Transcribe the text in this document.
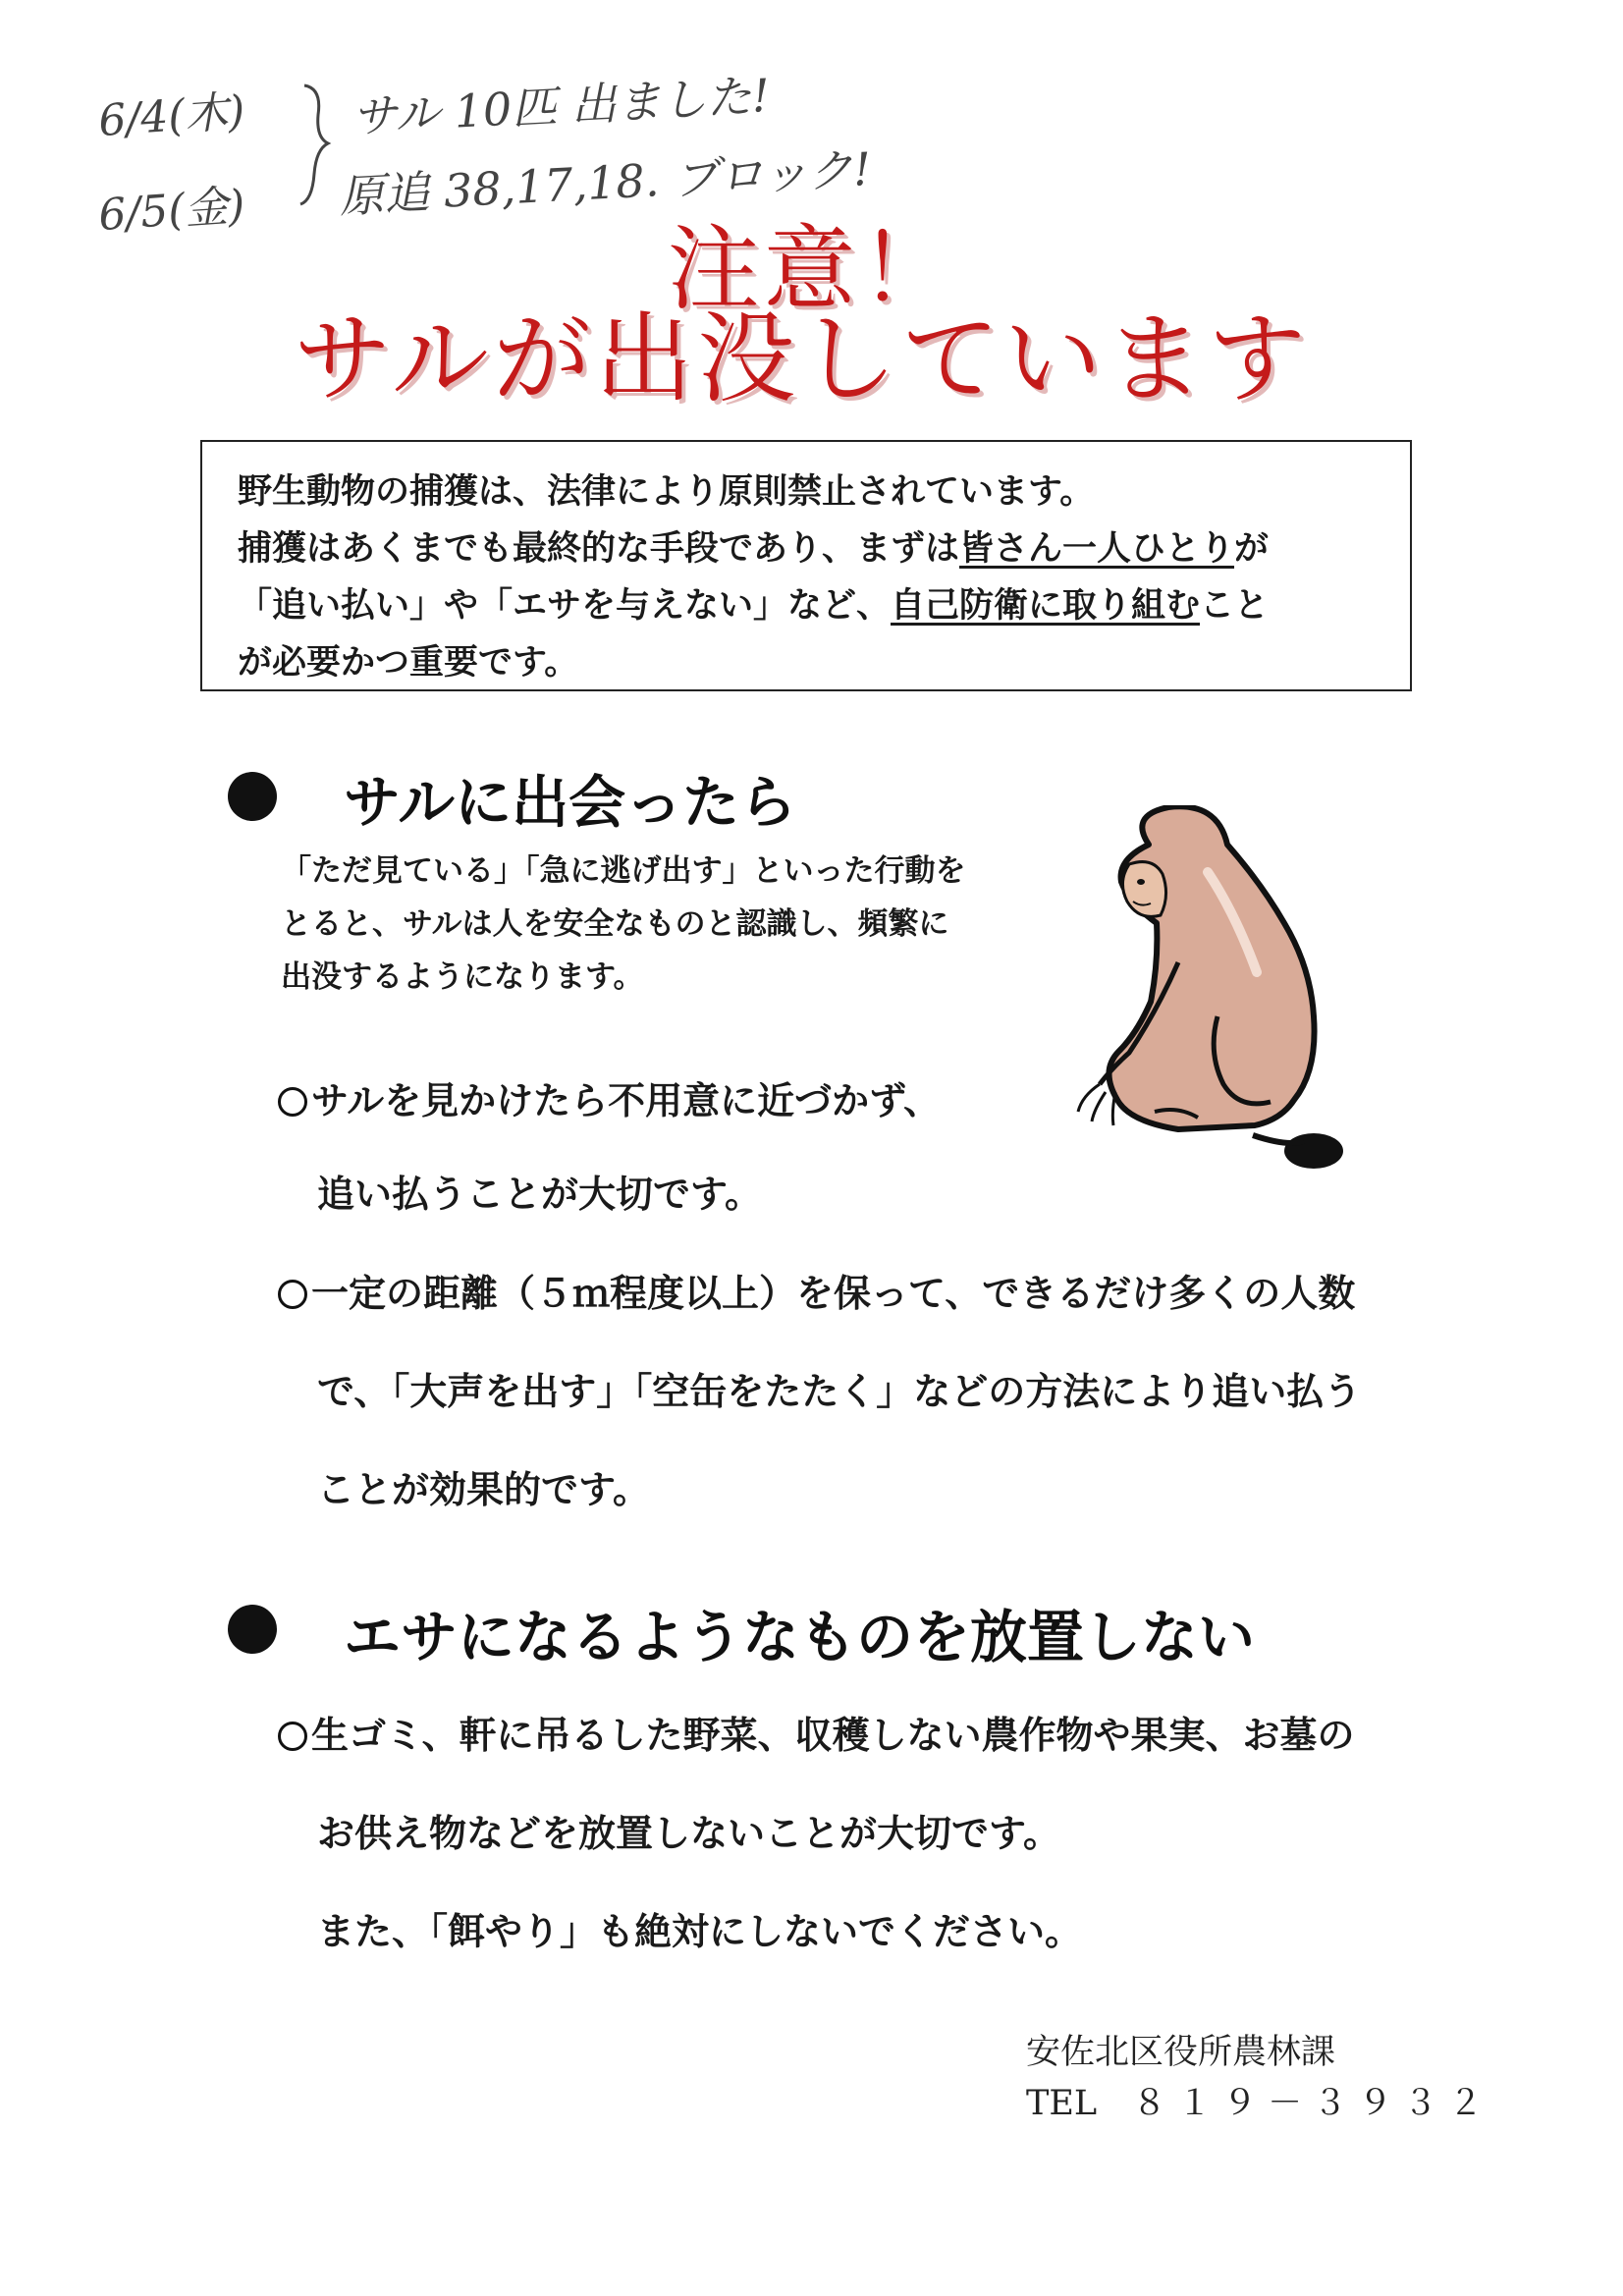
6/4(木)
6/5(金)
サル 10匹 出ました!
原追 38,17,18. ブロック!
注意！
サルが出没しています

野生動物の捕獲は、法律により原則禁止されています。

捕獲はあくまでも最終的な手段であり、まずは皆さん一人ひとりが

「追い払い」や「エサを与えない」など、自己防衛に取り組むこと

が必要かつ重要です。

サルに出会ったら

「ただ見ている」「急に逃げ出す」といった行動を

とると、サルは人を安全なものと認識し、頻繁に

出没するようになります。

サルを見かけたら不用意に近づかず、
追い払うことが大切です。
一定の距離（５ｍ程度以上）を保って、できるだけ多くの人数
で、「大声を出す」「空缶をたたく」などの方法により追い払う
ことが効果的です。
エサになるようなものを放置しない
生ゴミ、軒に吊るした野菜、収穫しない農作物や果実、お墓の
お供え物などを放置しないことが大切です。
また、「餌やり」も絶対にしないでください。
安佐北区役所農林課
TEL ８１９－３９３２
